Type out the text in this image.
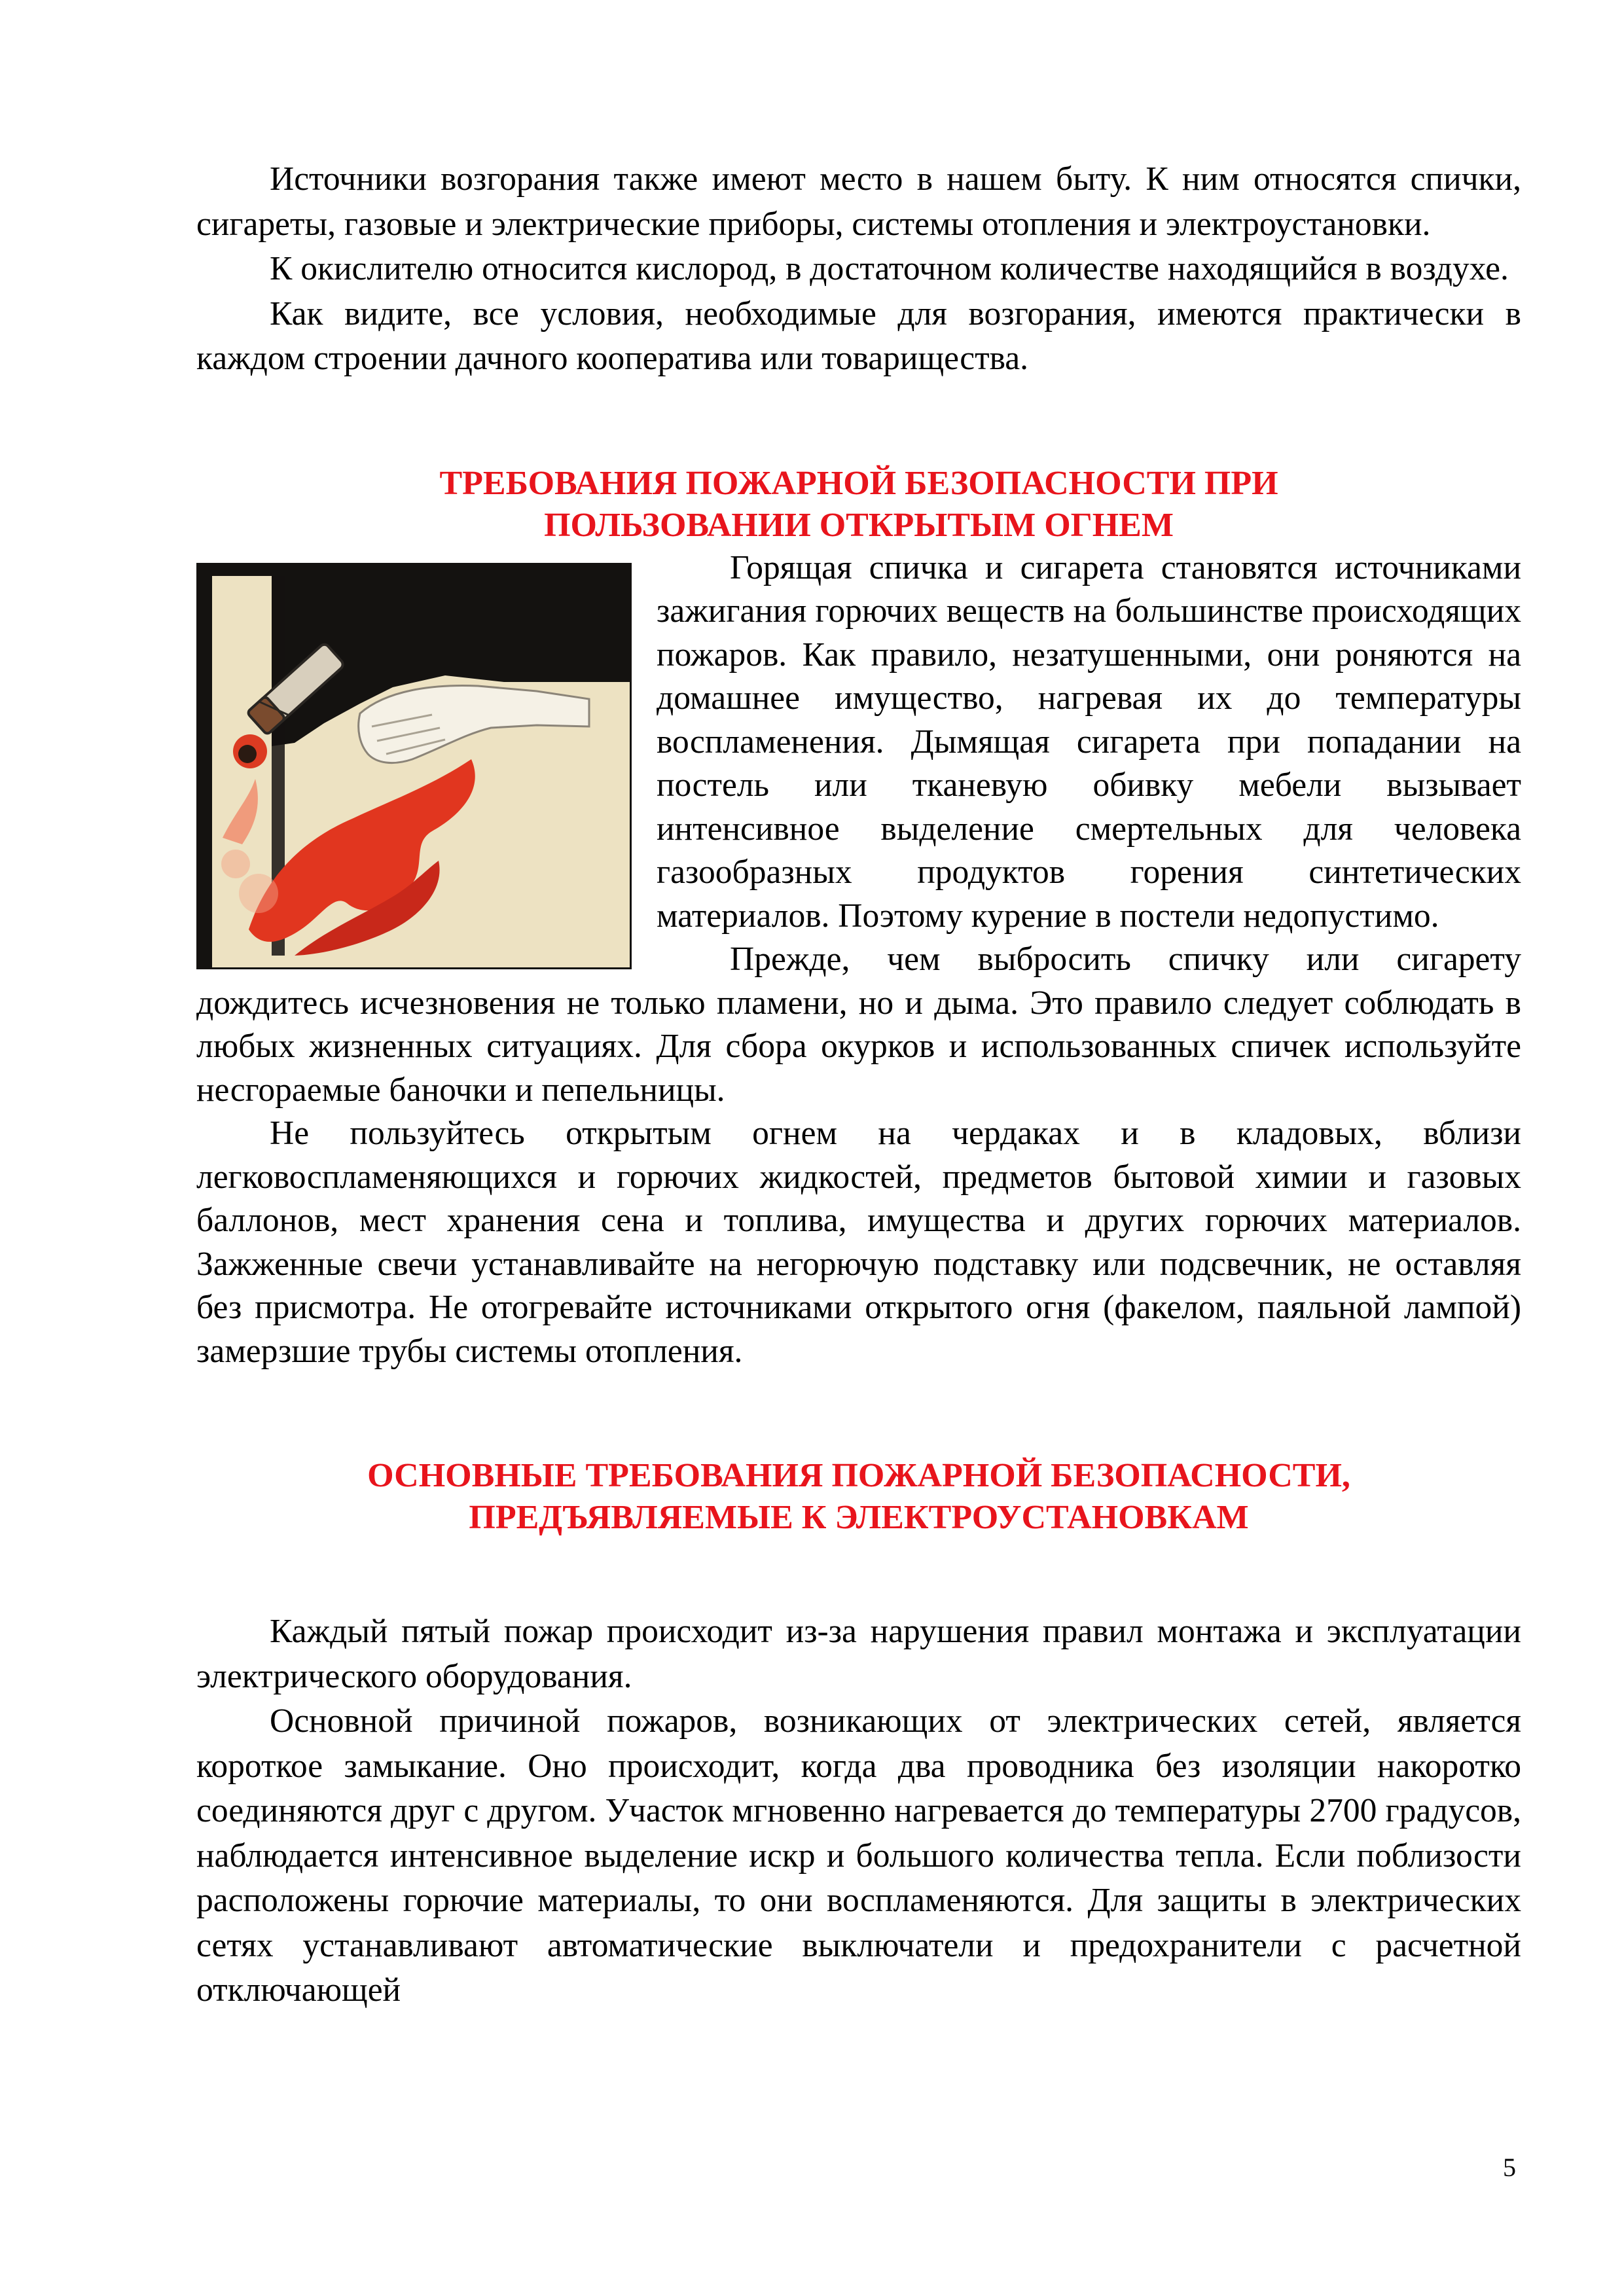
Источники возгорания также имеют место в нашем быту. К ним относятся спички, сигареты, газовые и электрические приборы, системы отопления и электроустановки.

К окислителю относится кислород, в достаточном количестве находящийся в воздухе.

Как видите, все условия, необходимые для возгорания, имеются практически в каждом строении дачного кооператива или товарищества.

ТРЕБОВАНИЯ ПОЖАРНОЙ БЕЗОПАСНОСТИ ПРИ
ПОЛЬЗОВАНИИ ОТКРЫТЫМ ОГНЕМ

Горящая спичка и сигарета становятся источниками зажигания горючих веществ на большинстве происходящих пожаров. Как правило, незатушенными, они роняются на домашнее имущество, нагревая их до температуры воспламенения. Дымящая сигарета при попадании на постель или тканевую обивку мебели вызывает интенсивное выделение смертельных для человека газообразных продуктов горения синтетических материалов. Поэтому курение в постели недопустимо.

Прежде, чем выбросить спичку или сигарету дождитесь исчезновения не только пламени, но и дыма. Это правило следует соблюдать в любых жизненных ситуациях. Для сбора окурков и использованных спичек используйте несгораемые баночки и пепельницы.

Не пользуйтесь открытым огнем на чердаках и в кладовых, вблизи легковоспламеняющихся и горючих жидкостей, предметов бытовой химии и газовых баллонов, мест хранения сена и топлива, имущества и других горючих материалов. Зажженные свечи устанавливайте на негорючую подставку или подсвечник, не оставляя без присмотра. Не отогревайте источниками открытого огня (факелом, паяльной лампой) замерзшие трубы системы отопления.

ОСНОВНЫЕ ТРЕБОВАНИЯ ПОЖАРНОЙ БЕЗОПАСНОСТИ,
ПРЕДЪЯВЛЯЕМЫЕ К ЭЛЕКТРОУСТАНОВКАМ

Каждый пятый пожар происходит из-за нарушения правил монтажа и эксплуатации электрического оборудования.

Основной причиной пожаров, возникающих от электрических сетей, является короткое замыкание. Оно происходит, когда два проводника без изоляции накоротко соединяются друг с другом. Участок мгновенно нагревается до температуры 2700 градусов, наблюдается интенсивное выделение искр и большого количества тепла. Если поблизости расположены горючие материалы, то они воспламеняются. Для защиты в электрических сетях устанавливают автоматические выключатели и предохранители с расчетной отключающей

5
